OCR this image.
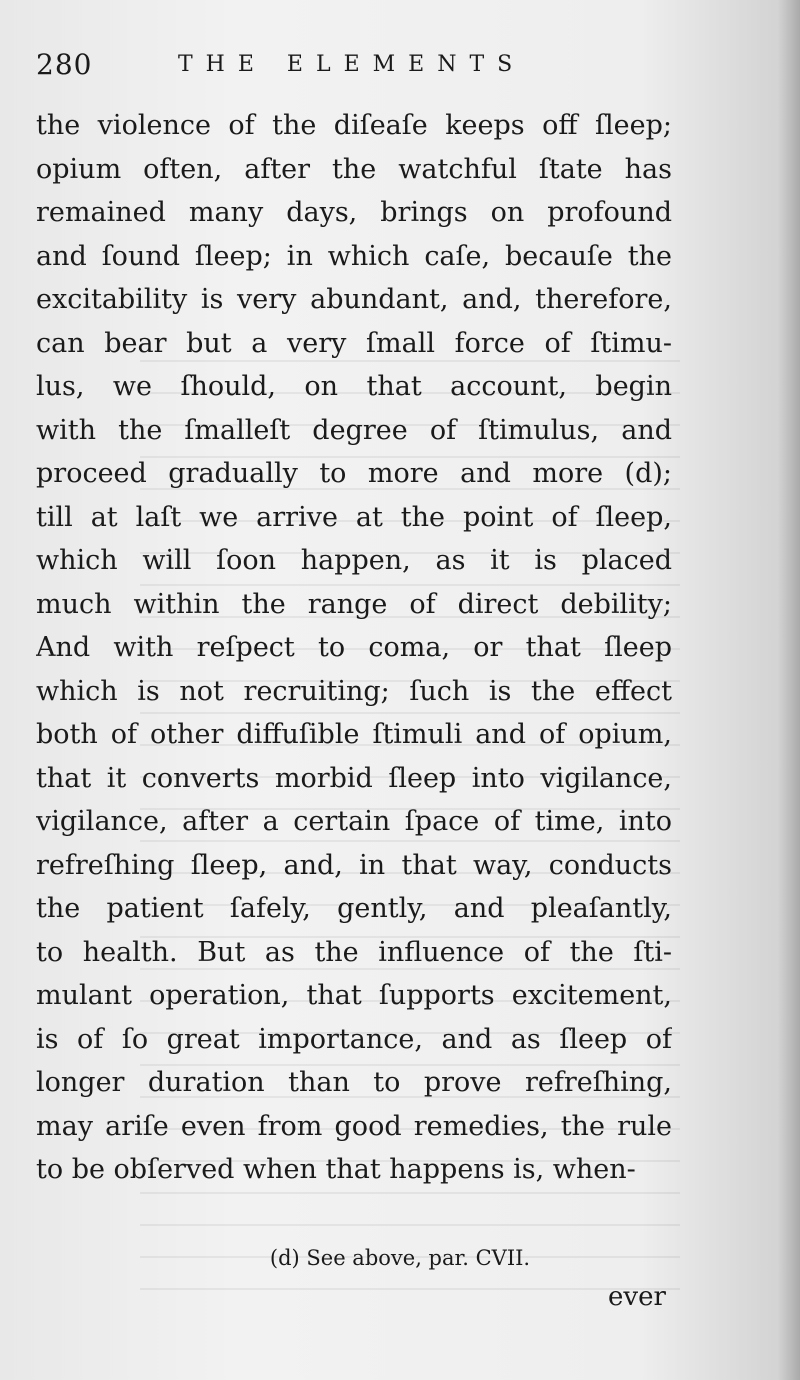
280	THE ELEMENTS
the violence of the diſeaſe keeps off ſleep;
opium often, after the watchful ſtate has
remained many days, brings on profound
and ſound ſleep; in which caſe, becauſe the
excitability is very abundant, and, therefore,
can bear but a very ſmall force of ſtimu-
lus, we ſhould, on that account, begin
with the ſmalleſt degree of ſtimulus, and
proceed gradually to more and more (d);
till at laſt we arrive at the point of ſleep,
which will ſoon happen, as it is placed
much within the range of direct debility;
And with reſpect to coma, or that ſleep
which is not recruiting; ſuch is the effect
both of other diffuſible ſtimuli and of opium,
that it converts morbid ſleep into vigilance,
vigilance, after a certain ſpace of time, into
refreſhing ſleep, and, in that way, conducts
the patient ſafely, gently, and pleaſantly,
to health. But as the influence of the ſti-
mulant operation, that ſupports excitement,
is of ſo great importance, and as ſleep of
longer duration than to prove refreſhing,
may ariſe even from good remedies, the rule
to be obſerved when that happens is, when-
(d) See above, par. CVII.
ever
